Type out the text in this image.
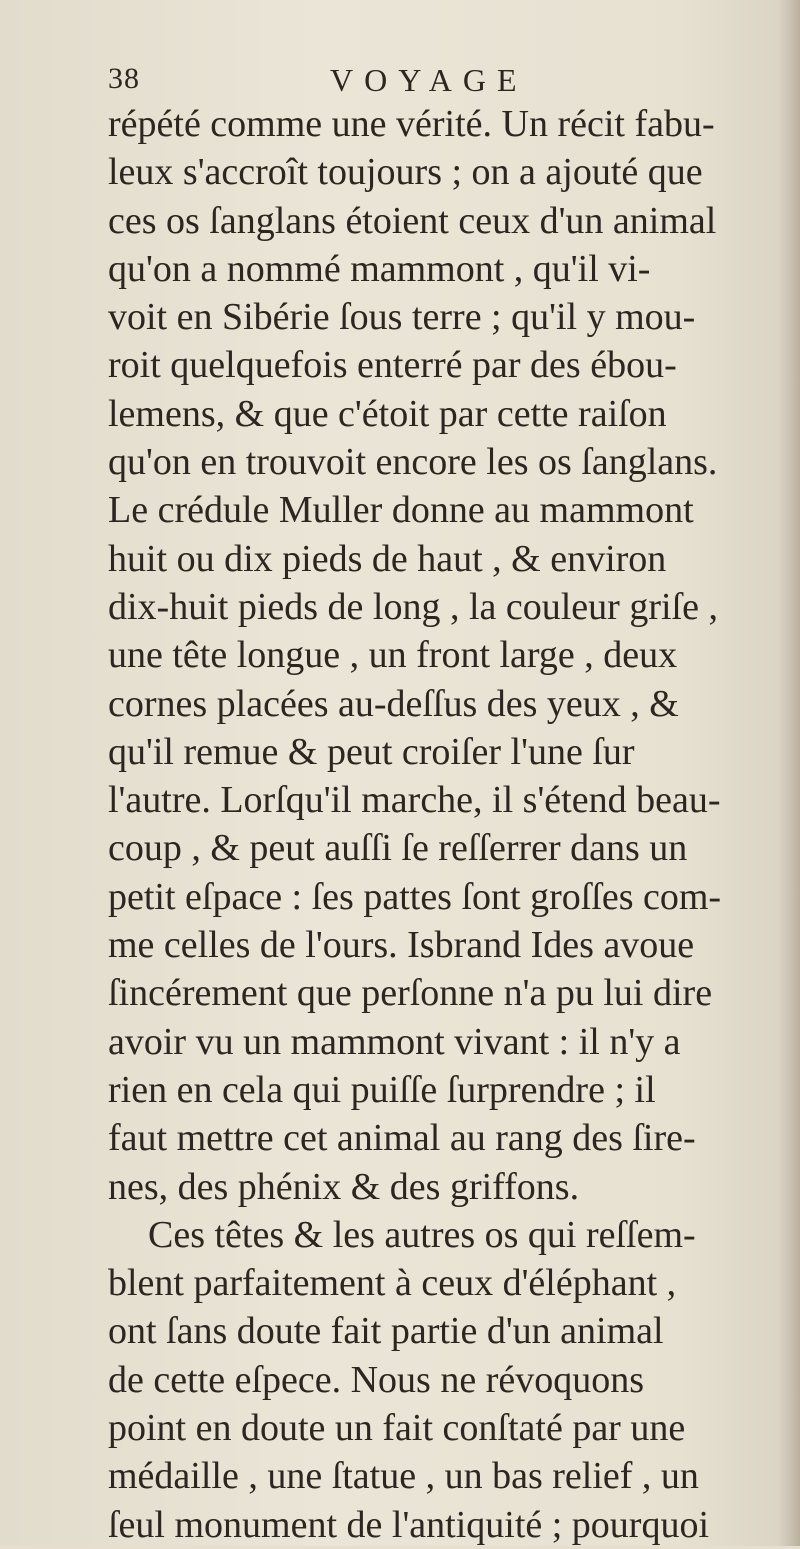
38	VOYAGE
répété comme une vérité. Un récit fabu-
leux s'accroît toujours ; on a ajouté que
ces os ſanglans étoient ceux d'un animal
qu'on a nommé mammont , qu'il vi-
voit en Sibérie ſous terre ; qu'il y mou-
roit quelquefois enterré par des ébou-
lemens, & que c'étoit par cette raiſon
qu'on en trouvoit encore les os ſanglans.
Le crédule Muller donne au mammont
huit ou dix pieds de haut , & environ
dix-huit pieds de long , la couleur griſe ,
une tête longue , un front large , deux
cornes placées au-deſſus des yeux , &
qu'il remue & peut croiſer l'une ſur
l'autre. Lorſqu'il marche, il s'étend beau-
coup , & peut auſſi ſe reſſerrer dans un
petit eſpace : ſes pattes ſont groſſes com-
me celles de l'ours. Isbrand Ides avoue
ſincérement que perſonne n'a pu lui dire
avoir vu un mammont vivant : il n'y a
rien en cela qui puiſſe ſurprendre ; il
faut mettre cet animal au rang des ſire-
nes, des phénix & des griffons.
Ces têtes & les autres os qui reſſem-
blent parfaitement à ceux d'éléphant ,
ont ſans doute fait partie d'un animal
de cette eſpece. Nous ne révoquons
point en doute un fait conſtaté par une
médaille , une ſtatue , un bas relief , un
ſeul monument de l'antiquité ; pourquoi
